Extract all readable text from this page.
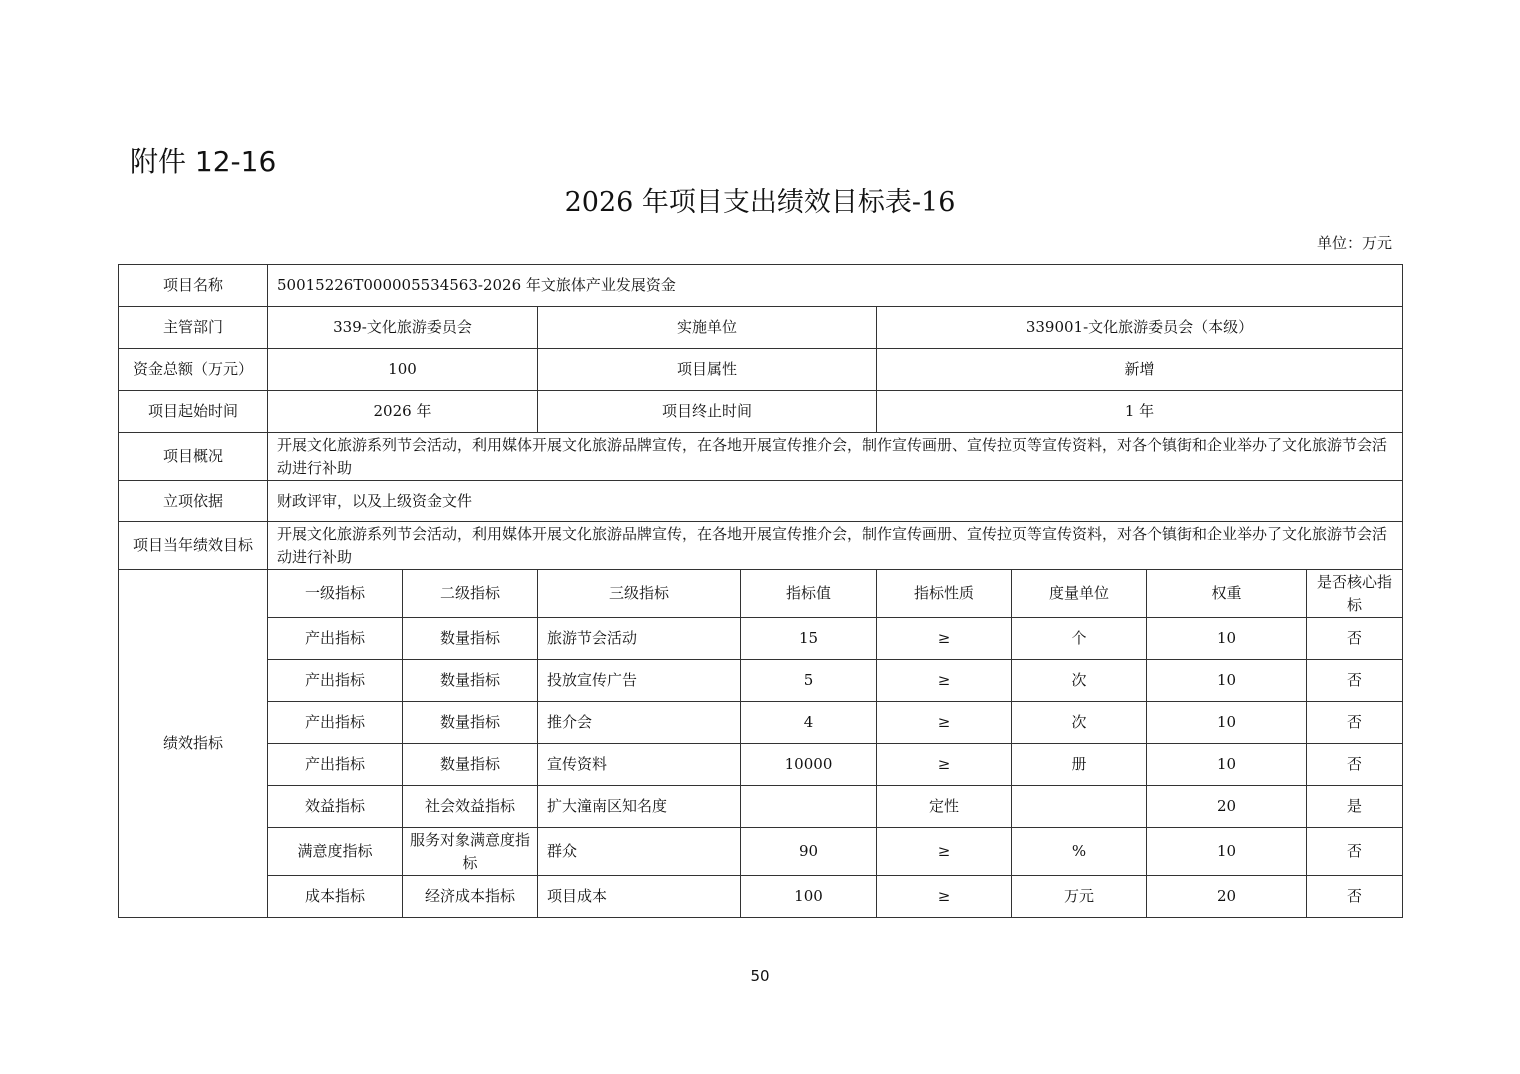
附件 12-16
2026 年项目支出绩效目标表-16
单位：万元
项目名称	50015226T000005534563-2026 年文旅体产业发展资金							
主管部门	339-文化旅游委员会		实施单位		339001-文化旅游委员会（本级）			
资金总额（万元）	100		项目属性		新增			
项目起始时间	2026 年		项目终止时间		1 年			
项目概况	开展文化旅游系列节会活动，利用媒体开展文化旅游品牌宣传，在各地开展宣传推介会，制作宣传画册、宣传拉页等宣传资料，对各个镇街和企业举办了文化旅游节会活动进行补助							
立项依据	财政评审，以及上级资金文件							
项目当年绩效目标	开展文化旅游系列节会活动，利用媒体开展文化旅游品牌宣传，在各地开展宣传推介会，制作宣传画册、宣传拉页等宣传资料，对各个镇街和企业举办了文化旅游节会活动进行补助							
绩效指标	一级指标	二级指标	三级指标	指标值	指标性质	度量单位	权重	是否核心指标
	产出指标	数量指标	旅游节会活动	15	≥	个	10	否
	产出指标	数量指标	投放宣传广告	5	≥	次	10	否
	产出指标	数量指标	推介会	4	≥	次	10	否
	产出指标	数量指标	宣传资料	10000	≥	册	10	否
	效益指标	社会效益指标	扩大潼南区知名度		定性		20	是
	满意度指标	服务对象满意度指标	群众	90	≥	%	10	否
	成本指标	经济成本指标	项目成本	100	≥	万元	20	否
50
